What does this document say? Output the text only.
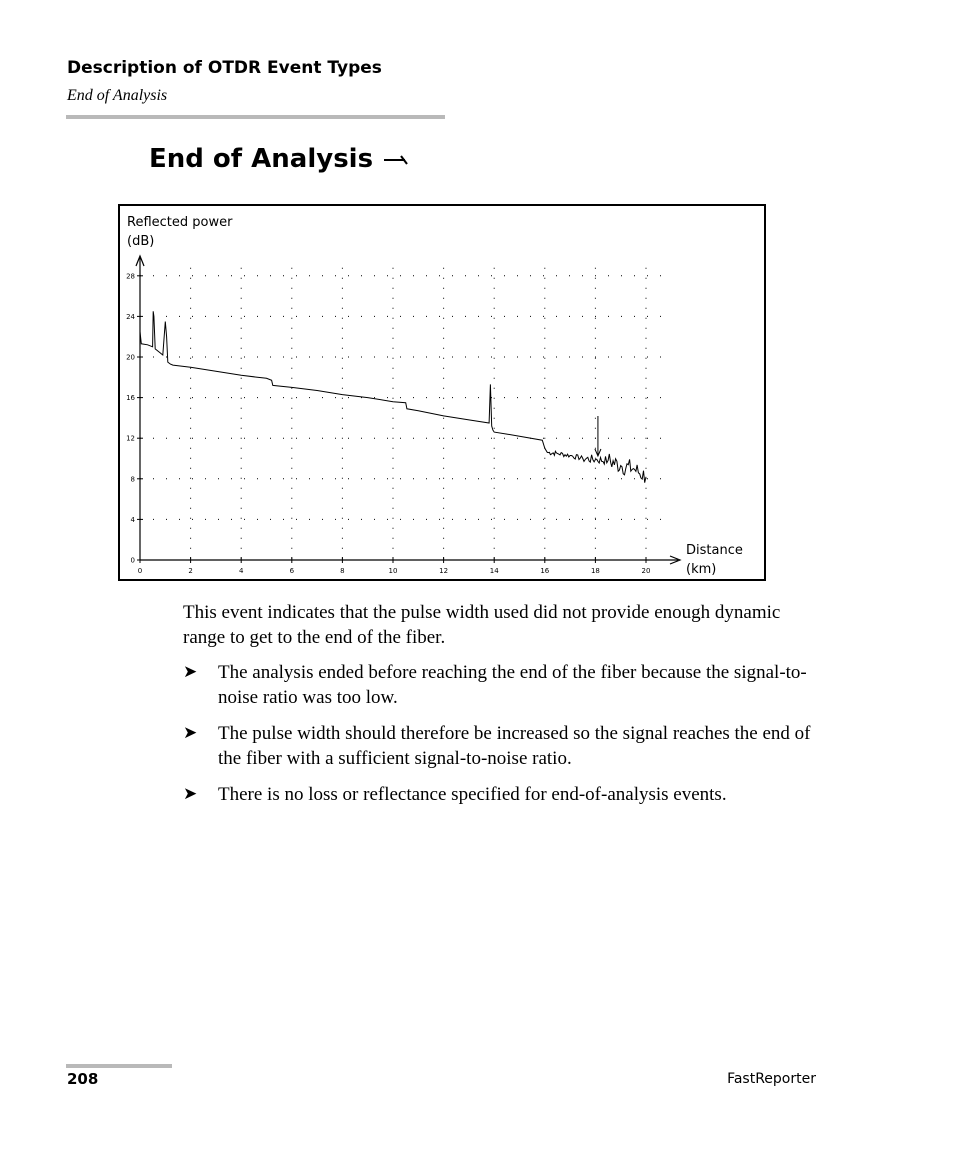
Description of OTDR Event Types
End of Analysis
End of Analysis
Reflected power
(dB)
Distance
(km)
0	2	4	6	8	10	12	14	16	18	20
0
4
8
12
16
20
24
28

This event indicates that the pulse width used did not provide enough dynamic range to get to the end of the fiber.

➤ The analysis ended before reaching the end of the fiber because the signal-to-noise ratio was too low.
➤ The pulse width should therefore be increased so the signal reaches the end of the fiber with a sufficient signal-to-noise ratio.
➤ There is no loss or reflectance specified for end-of-analysis events.
208	FastReporter
